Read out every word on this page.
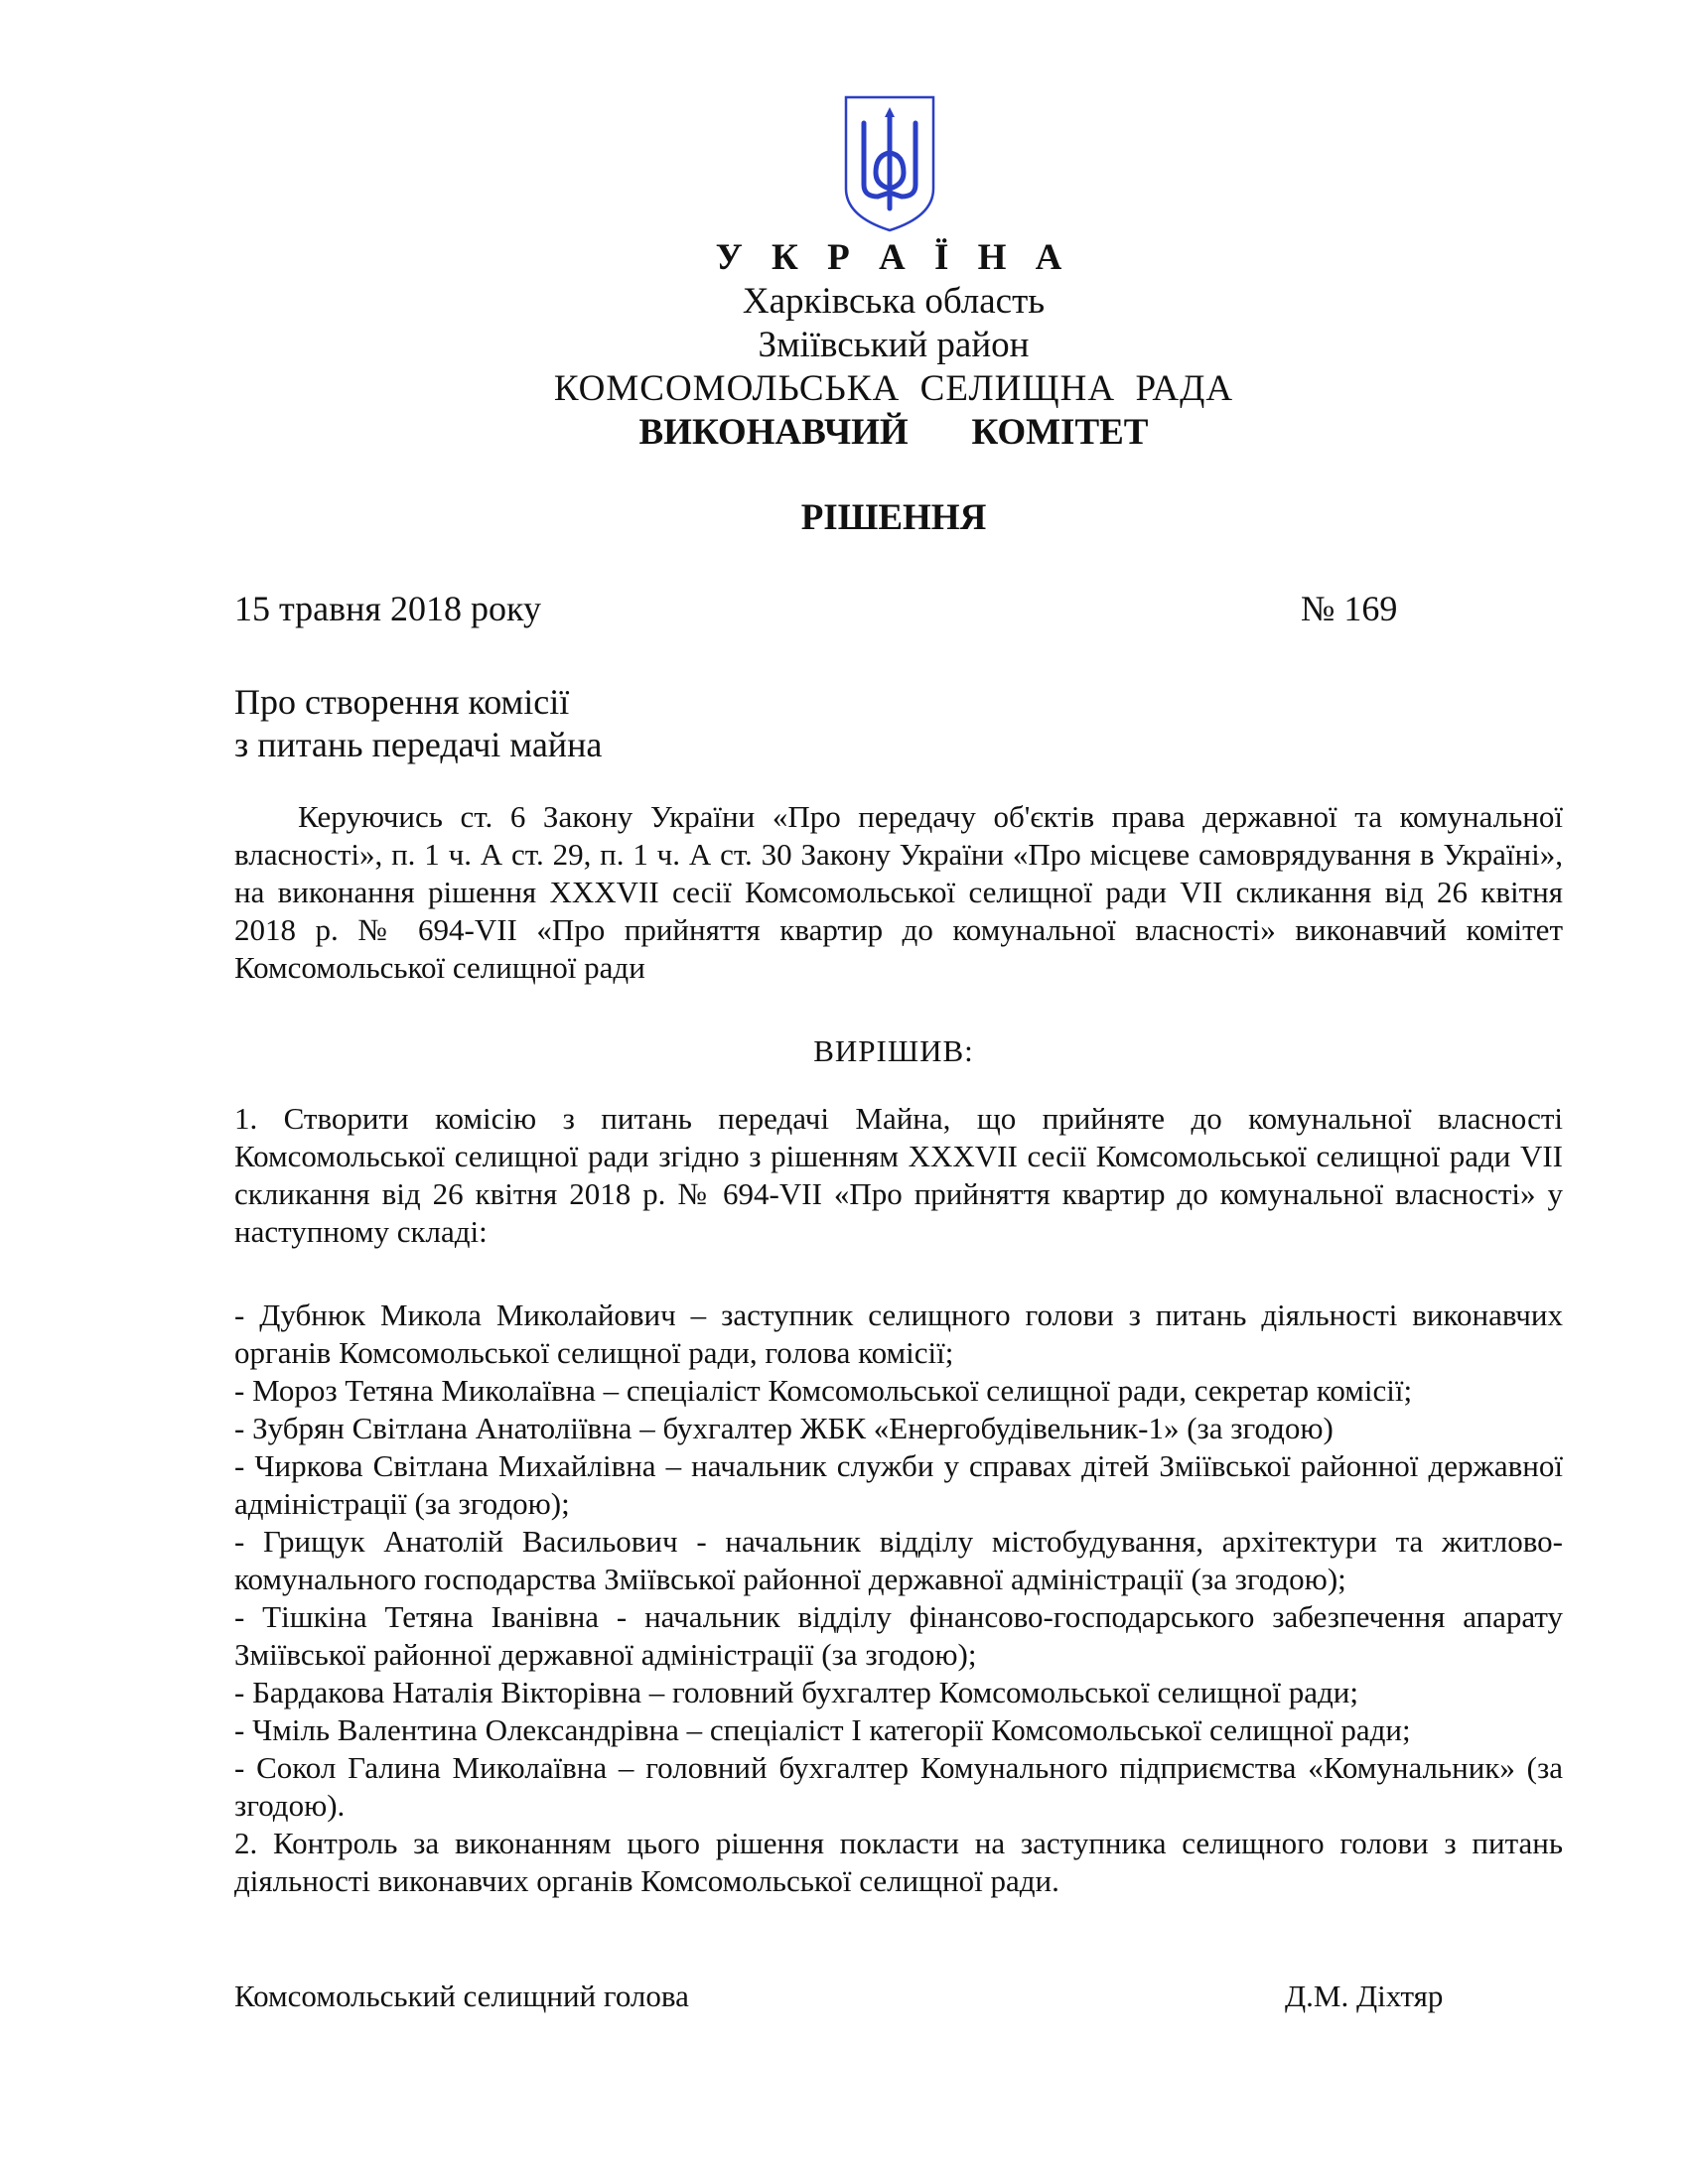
У К Р А Ї Н А
Харківська область
Зміївський район
КОМСОМОЛЬСЬКА  СЕЛИЩНА  РАДА
ВИКОНАВЧИЙ   КОМІТЕТ
РІШЕННЯ
15 травня 2018 року	№ 169
Про створення комісії
з питань передачі майна
Керуючись ст. 6 Закону України «Про передачу об'єктів права державної та комунальної власності», п. 1 ч. А ст. 29, п. 1 ч. А ст. 30 Закону України «Про місцеве самоврядування в Україні», на виконання рішення XXXVII сесії Комсомольської селищної ради VII скликання від 26 квітня 2018 р. № 694-VII «Про прийняття квартир до комунальної власності» виконавчий комітет Комсомольської селищної ради
ВИРІШИВ:
1. Створити комісію з питань передачі Майна, що прийняте до комунальної власності Комсомольської селищної ради згідно з рішенням XXXVII сесії Комсомольської селищної ради VII скликання від 26 квітня 2018 р. № 694-VII «Про прийняття квартир до комунальної власності» у наступному складі:
- Дубнюк Микола Миколайович – заступник селищного голови з питань діяльності виконавчих органів Комсомольської селищної ради, голова комісії;
- Мороз Тетяна Миколаївна – спеціаліст Комсомольської селищної ради, секретар комісії;
- Зубрян Світлана Анатоліївна – бухгалтер ЖБК «Енергобудівельник-1» (за згодою)
- Чиркова Світлана Михайлівна – начальник служби у справах дітей Зміївської районної державної адміністрації (за згодою);
- Грищук Анатолій Васильович - начальник відділу містобудування, архітектури та житлово-комунального господарства Зміївської районної державної адміністрації (за згодою);
- Тішкіна Тетяна Іванівна - начальник відділу фінансово-господарського забезпечення апарату Зміївської районної державної адміністрації (за згодою);
- Бардакова Наталія Вікторівна – головний бухгалтер Комсомольської селищної ради;
- Чміль Валентина Олександрівна – спеціаліст І категорії Комсомольської селищної ради;
- Сокол Галина Миколаївна – головний бухгалтер Комунального підприємства «Комунальник» (за згодою).
2. Контроль за виконанням цього рішення покласти на заступника селищного голови з питань діяльності виконавчих органів Комсомольської селищної ради.
Комсомольський селищний голова	Д.М. Діхтяр
